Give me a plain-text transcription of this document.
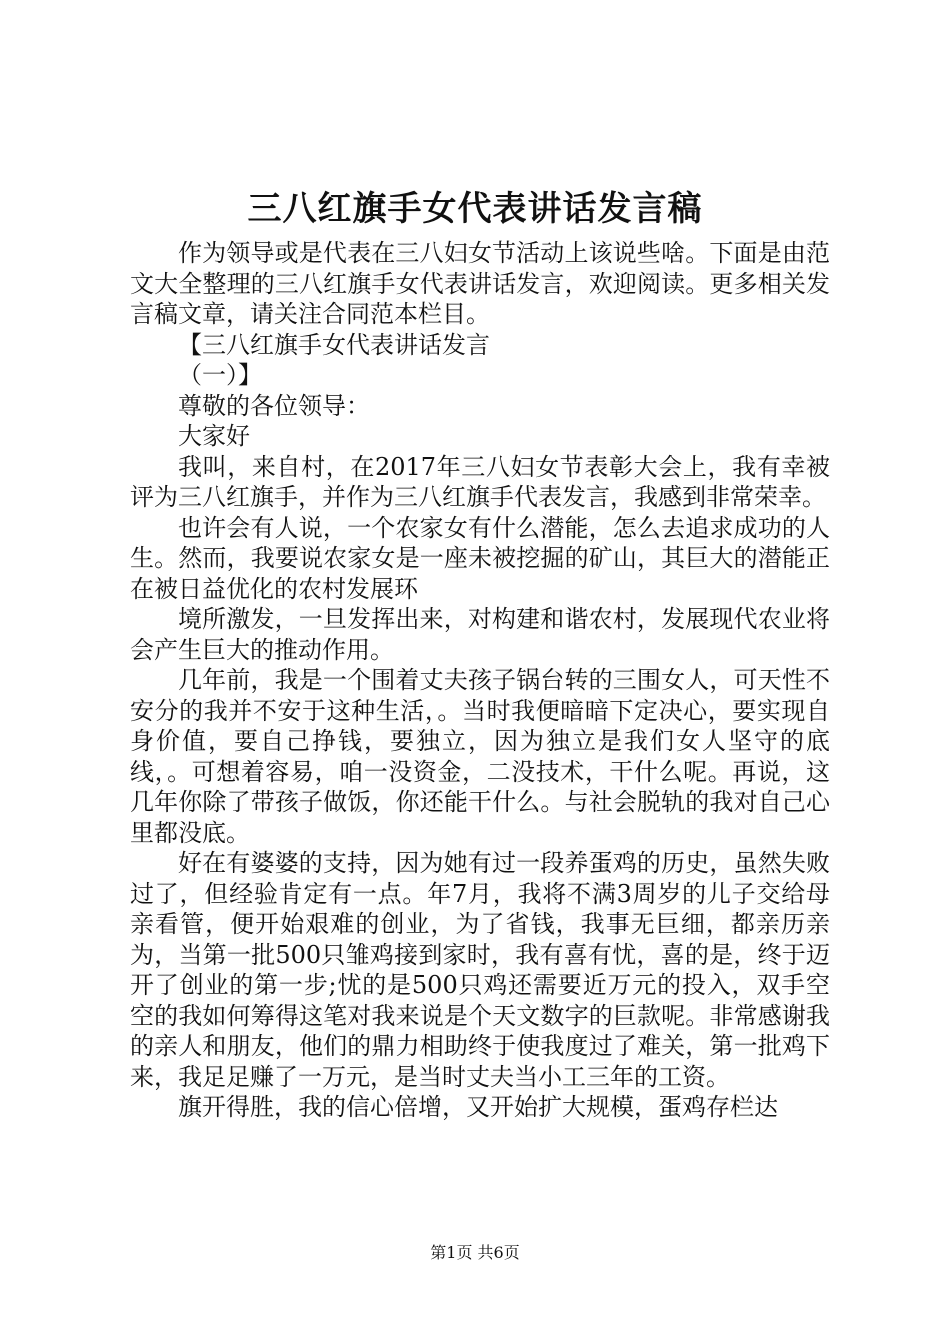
三八红旗手女代表讲话发言稿

作为领导或是代表在三八妇女节活动上该说些啥。下面是由范文大全整理的三八红旗手女代表讲话发言，欢迎阅读。更多相关发言稿文章，请关注合同范本栏目。

【三八红旗手女代表讲话发言

（一）】

尊敬的各位领导：

大家好

我叫，来自村，在2017年三八妇女节表彰大会上，我有幸被评为三八红旗手，并作为三八红旗手代表发言，我感到非常荣幸。

也许会有人说，一个农家女有什么潜能，怎么去追求成功的人生。然而，我要说农家女是一座未被挖掘的矿山，其巨大的潜能正在被日益优化的农村发展环

境所激发，一旦发挥出来，对构建和谐农村，发展现代农业将会产生巨大的推动作用。

几年前，我是一个围着丈夫孩子锅台转的三围女人，可天性不安分的我并不安于这种生活，。当时我便暗暗下定决心，要实现自身价值，要自己挣钱，要独立，因为独立是我们女人坚守的底线，。可想着容易，咱一没资金，二没技术，干什么呢。再说，这几年你除了带孩子做饭，你还能干什么。与社会脱轨的我对自己心里都没底。

好在有婆婆的支持，因为她有过一段养蛋鸡的历史，虽然失败过了，但经验肯定有一点。年7月，我将不满3周岁的儿子交给母亲看管，便开始艰难的创业，为了省钱，我事无巨细，都亲历亲为，当第一批500只雏鸡接到家时，我有喜有忧，喜的是，终于迈开了创业的第一步;忧的是500只鸡还需要近万元的投入，双手空空的我如何筹得这笔对我来说是个天文数字的巨款呢。非常感谢我的亲人和朋友，他们的鼎力相助终于使我度过了难关，第一批鸡下来，我足足赚了一万元，是当时丈夫当小工三年的工资。

旗开得胜，我的信心倍增，又开始扩大规模，蛋鸡存栏达

第1页 共6页
